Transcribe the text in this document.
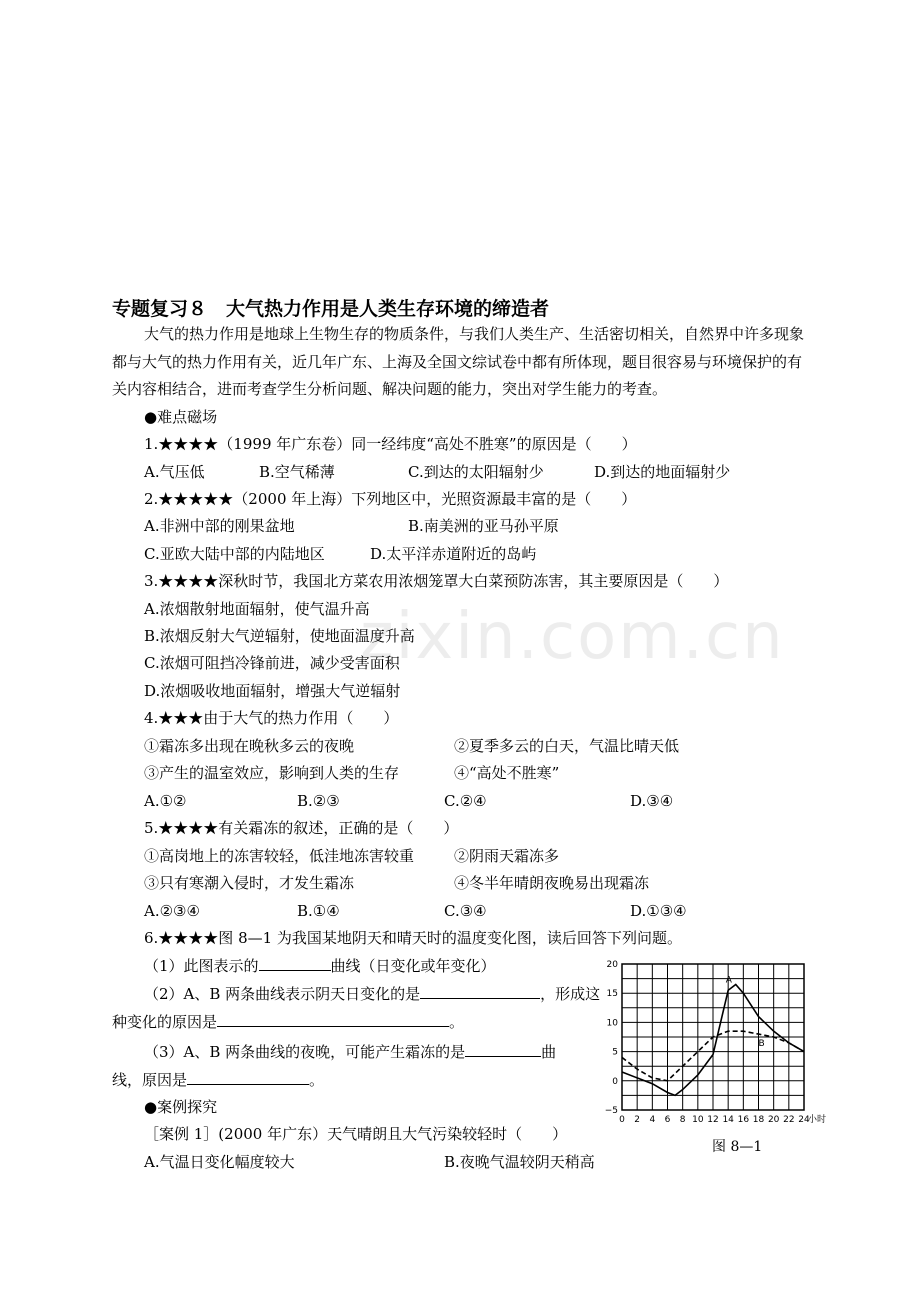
zixin.com.cn
专题复习８　大气热力作用是人类生存环境的缔造者
大气的热力作用是地球上生物生存的物质条件，与我们人类生产、生活密切相关，自然界中许多现象都与大气的热力作用有关，近几年广东、上海及全国文综试卷中都有所体现，题目很容易与环境保护的有关内容相结合，进而考查学生分析问题、解决问题的能力，突出对学生能力的考查。
●难点磁场
1.★★★★（1999 年广东卷）同一经纬度“高处不胜寒”的原因是（　　）
A.气压低	B.空气稀薄	C.到达的太阳辐射少	D.到达的地面辐射少
2.★★★★★（2000 年上海）下列地区中，光照资源最丰富的是（　　）
A.非洲中部的刚果盆地	B.南美洲的亚马孙平原
C.亚欧大陆中部的内陆地区	D.太平洋赤道附近的岛屿
3.★★★★深秋时节，我国北方菜农用浓烟笼罩大白菜预防冻害，其主要原因是（　　）
A.浓烟散射地面辐射，使气温升高
B.浓烟反射大气逆辐射，使地面温度升高
C.浓烟可阻挡冷锋前进，减少受害面积
D.浓烟吸收地面辐射，增强大气逆辐射
4.★★★由于大气的热力作用（　　）
①霜冻多出现在晚秋多云的夜晚	②夏季多云的白天，气温比晴天低
③产生的温室效应，影响到人类的生存	④“高处不胜寒”
A.①②	B.②③	C.②④	D.③④
5.★★★★有关霜冻的叙述，正确的是（　　）
①高岗地上的冻害较轻，低洼地冻害较重	②阴雨天霜冻多
③只有寒潮入侵时，才发生霜冻	④冬半年晴朗夜晚易出现霜冻
A.②③④	B.①④	C.③④	D.①③④
6.★★★★图 8—1 为我国某地阴天和晴天时的温度变化图，读后回答下列问题。
（1）此图表示的	曲线（日变化或年变化）
（2）A、B 两条曲线表示阴天日变化的是	，形成这
种变化的原因是	。
（3）A、B 两条曲线的夜晚，可能产生霜冻的是	曲
线，原因是	。
●案例探究
［案例 1］(2000 年广东）天气晴朗且大气污染较轻时（　　）
A.气温日变化幅度较大	B.夜晚气温较阴天稍高
20
15
10
5
0
−5
0 2 4 6 8 10 12 14 16 18 20 22 24
小时
A
B
图 8—1
